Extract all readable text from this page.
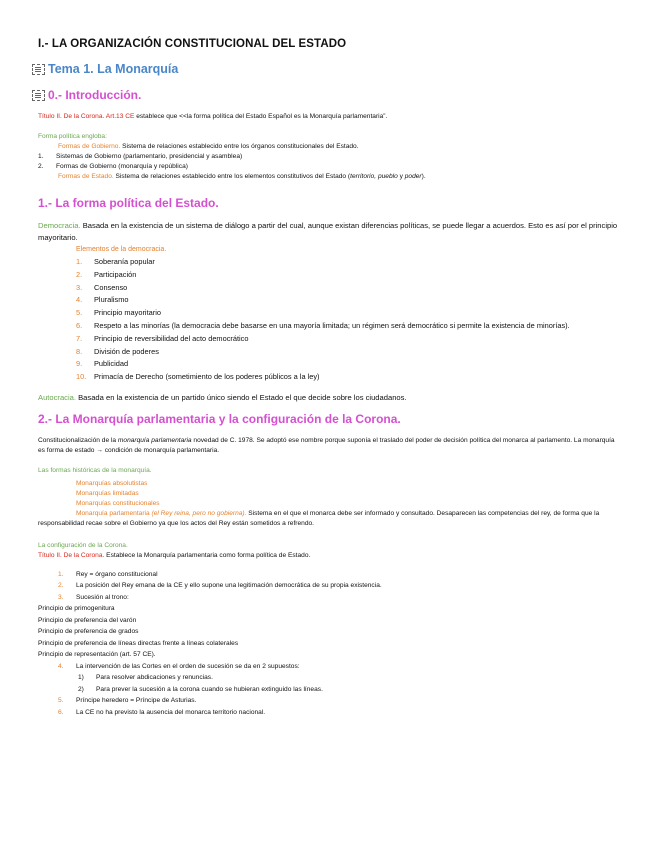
I.- LA ORGANIZACIÓN CONSTITUCIONAL DEL ESTADO
Tema 1. La Monarquía
0.- Introducción.

Título II. De la Corona. Art.13 CE establece que <<la forma política del Estado Español es la Monarquía parlamentaria”.

Forma política engloba:

Formas de Gobierno. Sistema de relaciones establecido entre los órganos constitucionales del Estado.

1.	Sistemas de Gobierno (parlamentario, presidencial y asamblea)
2.	Formas de Gobierno (monarquía y república)

Formas de Estado. Sistema de relaciones establecido entre los elementos constitutivos del Estado (territorio, pueblo y poder).

1.- La forma política del Estado.

Democracia. Basada en la existencia de un sistema de diálogo a partir del cual, aunque existan diferencias políticas, se puede llegar a acuerdos. Esto es así por el principio mayoritario.

Elementos de la democracia.

1.	Soberanía popular
2.	Participación
3.	Consenso
4.	Pluralismo
5.	Principio mayoritario
6.	Respeto a las minorías (la democracia debe basarse en una mayoría limitada; un régimen será democrático si permite la existencia de minorías).
7.	Principio de reversibilidad del acto democrático
8.	División de poderes
9.	Publicidad
10.	Primacía de Derecho (sometimiento de los poderes públicos a la ley)

Autocracia. Basada en la existencia de un partido único siendo el Estado el que decide sobre los ciudadanos.

2.- La Monarquía parlamentaria y la configuración de la Corona.

Constitucionalización de la monarquía parlamentaria novedad de C. 1978. Se adoptó ese nombre porque suponía el traslado del poder de decisión política del monarca al parlamento. La monarquía es forma de estado → condición de monarquía parlamentaria.

Las formas históricas de la monarquía.

Monarquías absolutistas

Monarquías limitadas

Monarquías constitucionales

Monarquía parlamentaria (el Rey reina, pero no gobierna). Sistema en el que el monarca debe ser informado y consultado. Desaparecen las competencias del rey, de forma que la responsabilidad recae sobre el Gobierno ya que los actos del Rey están sometidos a refrendo.

La configuración de la Corona.

Título II. De la Corona. Establece la Monarquía parlamentaria como forma política de Estado.

1.	Rey = órgano constitucional
2.	La posición del Rey emana de la CE y ello supone una legitimación democrática de su propia existencia.
3.	Sucesión al trono:

Principio de primogenitura

Principio de preferencia del varón

Principio de preferencia de grados

Principio de preferencia de líneas directas frente a líneas colaterales

Principio de representación (art. 57 CE).

4.	La intervención de las Cortes en el orden de sucesión se da en 2 supuestos:
1)	Para resolver abdicaciones y renuncias.
2)	Para prever la sucesión a la corona cuando se hubieran extinguido las líneas.
5.	Príncipe heredero = Príncipe de Asturias.
6.	La CE no ha previsto la ausencia del monarca territorio nacional.
